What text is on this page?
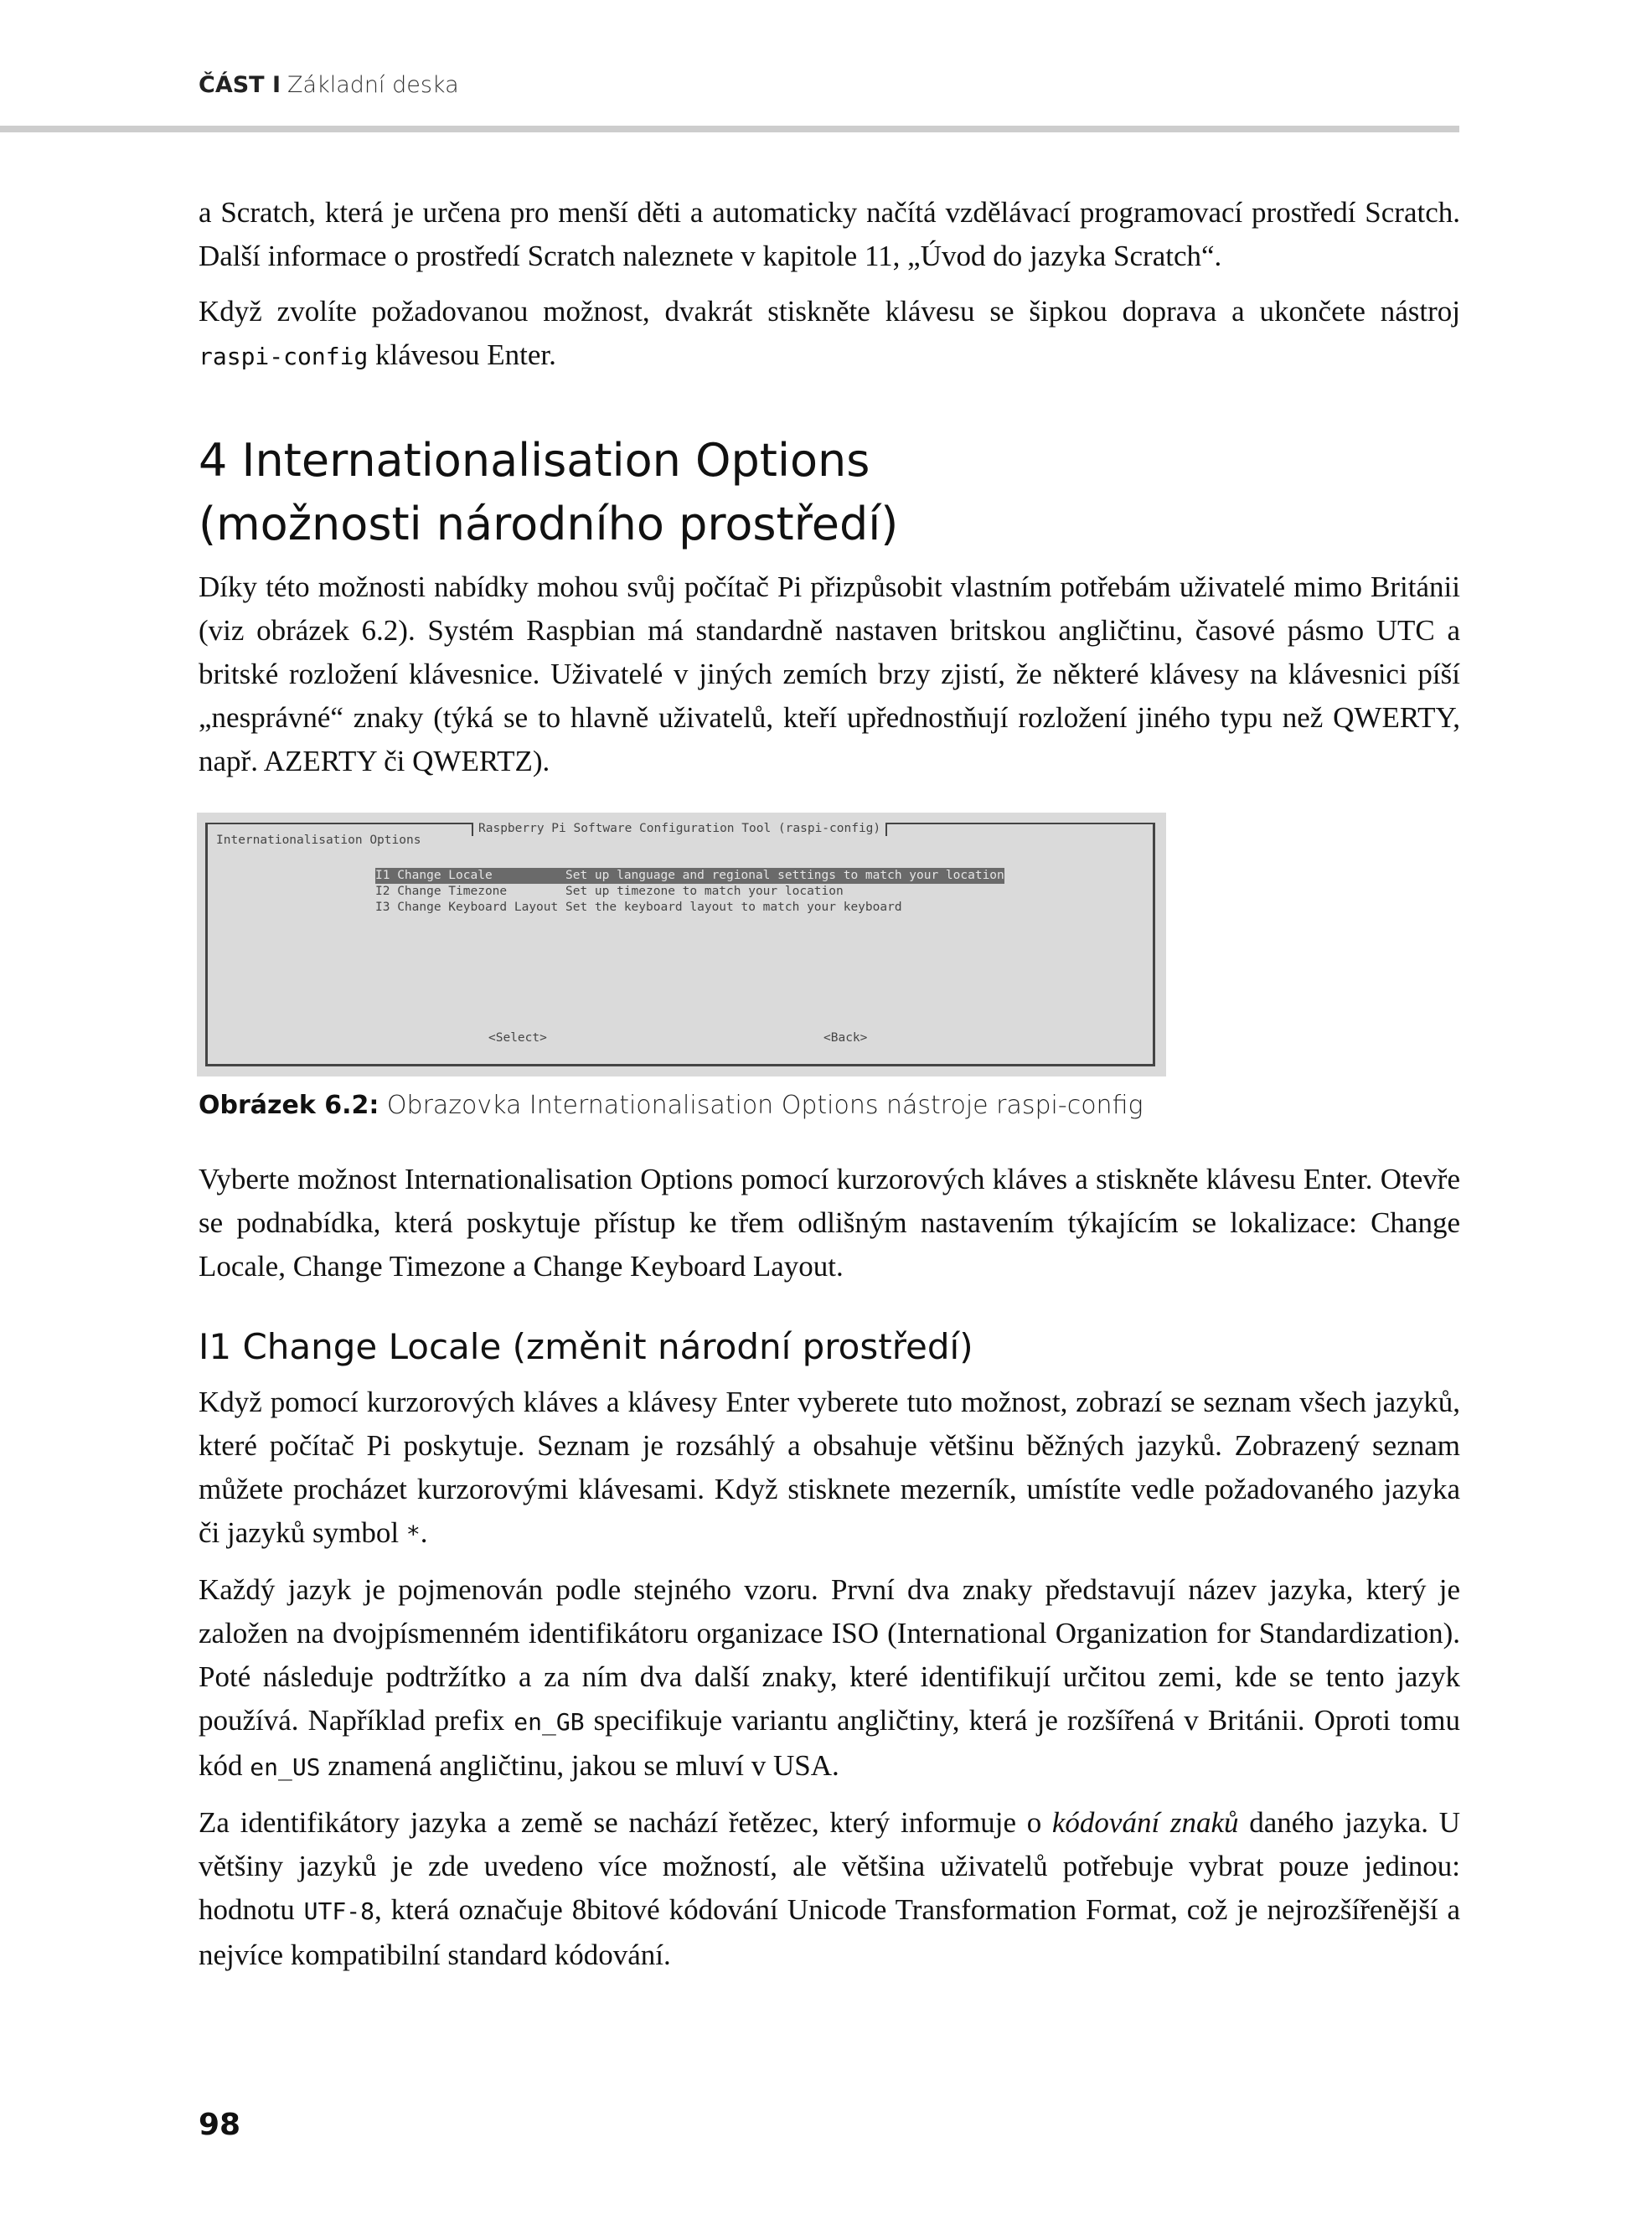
ČÁST I Základní deska

a Scratch, která je určena pro menší děti a automaticky načítá vzdělávací programovací prostředí Scratch. Další informace o prostředí Scratch naleznete v kapitole 11, „Úvod do jazyka Scratch“.

Když zvolíte požadovanou možnost, dvakrát stiskněte klávesu se šipkou doprava a ukončete nástroj raspi-config klávesou Enter.

4 Internationalisation Options
(možnosti národního prostředí)

Díky této možnosti nabídky mohou svůj počítač Pi přizpůsobit vlastním potřebám uživatelé mimo Británii (viz obrázek 6.2). Systém Raspbian má standardně nastaven britskou angličtinu, časové pásmo UTC a britské rozložení klávesnice. Uživatelé v jiných zemích brzy zjistí, že některé klávesy na klávesnici píší „nesprávné“ znaky (týká se to hlavně uživatelů, kteří upřednostňují rozložení jiného typu než QWERTY, např. AZERTY či QWERTZ).

Raspberry Pi Software Configuration Tool (raspi-config)
Internationalisation Options
I1 Change Locale          Set up language and regional settings to match your location
I2 Change Timezone        Set up timezone to match your location
I3 Change Keyboard Layout Set the keyboard layout to match your keyboard
<Select>	<Back>
Obrázek 6.2: Obrazovka Internationalisation Options nástroje raspi-config

Vyberte možnost Internationalisation Options pomocí kurzorových kláves a stiskněte klávesu Enter. Otevře se podnabídka, která poskytuje přístup ke třem odlišným nastavením týkajícím se lokalizace: Change Locale, Change Timezone a Change Keyboard Layout.

I1 Change Locale (změnit národní prostředí)

Když pomocí kurzorových kláves a klávesy Enter vyberete tuto možnost, zobrazí se seznam všech jazyků, které počítač Pi poskytuje. Seznam je rozsáhlý a obsahuje většinu běžných jazyků. Zobrazený seznam můžete procházet kurzorovými klávesami. Když stisknete mezerník, umístíte vedle požadovaného jazyka či jazyků symbol *.

Každý jazyk je pojmenován podle stejného vzoru. První dva znaky představují název jazyka, který je založen na dvojpísmenném identifikátoru organizace ISO (International Organization for Standardization). Poté následuje podtržítko a za ním dva další znaky, které identifikují určitou zemi, kde se tento jazyk používá. Například prefix en_GB specifikuje variantu angličtiny, která je rozšířená v Británii. Oproti tomu kód en_US znamená angličtinu, jakou se mluví v USA.

Za identifikátory jazyka a země se nachází řetězec, který informuje o kódování znaků daného jazyka. U většiny jazyků je zde uvedeno více možností, ale většina uživatelů potřebuje vybrat pouze jedinou: hodnotu UTF-8, která označuje 8bitové kódování Unicode Transformation Format, což je nejrozšířenější a nejvíce kompatibilní standard kódování.

98
